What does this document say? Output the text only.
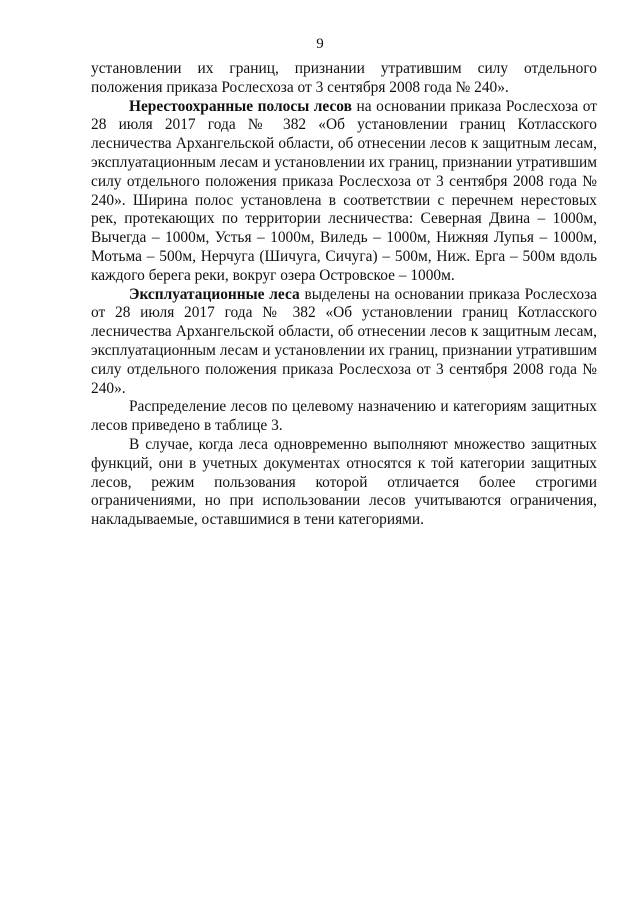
9

установлении их границ, признании утратившим силу отдельного положения приказа Рослесхоза от 3 сентября 2008 года № 240».

Нерестоохранные полосы лесов на основании приказа Рослесхоза от 28 июля 2017 года № 382 «Об установлении границ Котласского лесничества Архангельской области, об отнесении лесов к защитным лесам, эксплуатационным лесам и установлении их границ, признании утратившим силу отдельного положения приказа Рослесхоза от 3 сентября 2008 года № 240». Ширина полос установлена в соответствии с перечнем нерестовых рек, протекающих по территории лесничества: Северная Двина – 1000м, Вычегда – 1000м, Устья – 1000м, Виледь – 1000м, Нижняя Лупья – 1000м, Мотьма – 500м, Нерчуга (Шичуга, Сичуга) – 500м, Ниж. Ерга – 500м вдоль каждого берега реки, вокруг озера Островское – 1000м.

Эксплуатационные леса выделены на основании приказа Рослесхоза от 28 июля 2017 года № 382 «Об установлении границ Котласского лесничества Архангельской области, об отнесении лесов к защитным лесам, эксплуатационным лесам и установлении их границ, признании утратившим силу отдельного положения приказа Рослесхоза от 3 сентября 2008 года № 240».

Распределение лесов по целевому назначению и категориям защитных лесов приведено в таблице 3.

В случае, когда леса одновременно выполняют множество защитных функций, они в учетных документах относятся к той категории защитных лесов, режим пользования которой отличается более строгими ограничениями, но при использовании лесов учитываются ограничения, накладываемые, оставшимися в тени категориями.
